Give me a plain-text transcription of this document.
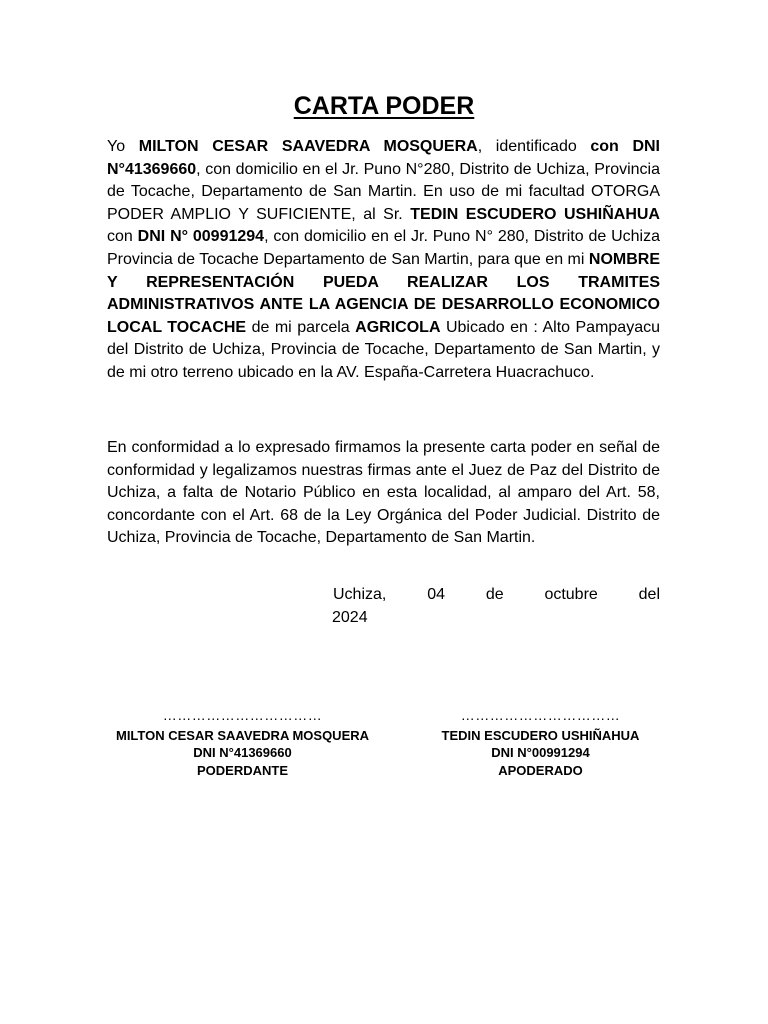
CARTA PODER

Yo MILTON CESAR SAAVEDRA MOSQUERA, identificado con DNI N°41369660, con domicilio en el Jr. Puno N°280, Distrito de Uchiza, Provincia de Tocache, Departamento de San Martin. En uso de mi facultad OTORGA PODER AMPLIO Y SUFICIENTE, al Sr. TEDIN ESCUDERO USHIÑAHUA con DNI N° 00991294, con domicilio en el Jr. Puno N° 280, Distrito de Uchiza Provincia de Tocache Departamento de San Martin, para que en mi NOMBRE Y REPRESENTACIÓN PUEDA REALIZAR LOS TRAMITES ADMINISTRATIVOS ANTE LA AGENCIA DE DESARROLLO ECONOMICO LOCAL TOCACHE de mi parcela AGRICOLA Ubicado en : Alto Pampayacu del Distrito de Uchiza, Provincia de Tocache, Departamento de San Martin, y de mi otro terreno ubicado en la AV. España-Carretera Huacrachuco.

En conformidad a lo expresado firmamos la presente carta poder en señal de conformidad y legalizamos nuestras firmas ante el Juez de Paz del Distrito de Uchiza, a falta de Notario Público en esta localidad, al amparo del Art. 58, concordante con el Art. 68 de la Ley Orgánica del Poder Judicial. Distrito de Uchiza, Provincia de Tocache, Departamento de San Martin.

Uchiza,	04	de	octubre	del
2024
……………………………
MILTON CESAR SAAVEDRA MOSQUERA
DNI N°41369660
PODERDANTE
……………………………
TEDIN ESCUDERO USHIÑAHUA
DNI N°00991294
APODERADO
